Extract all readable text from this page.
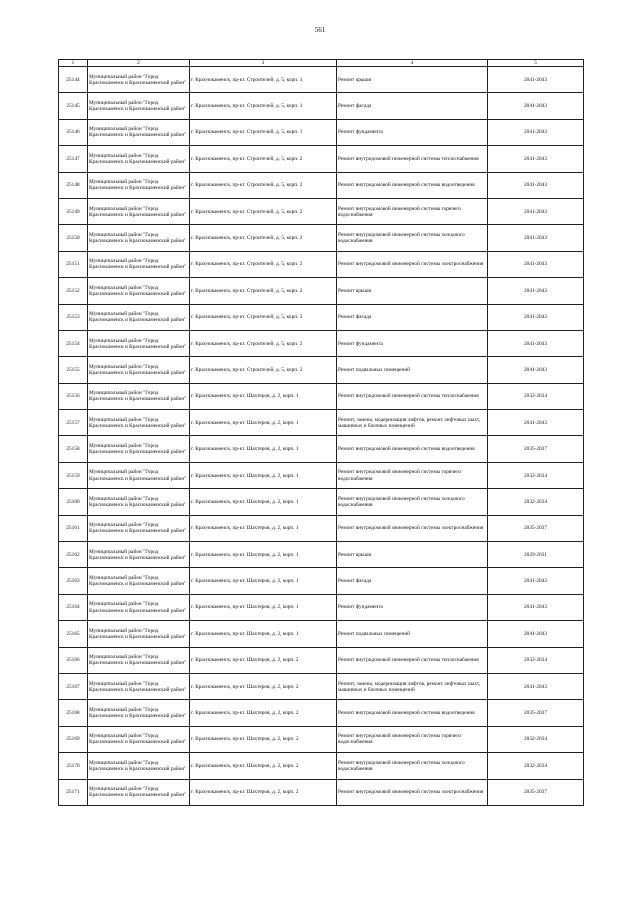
561
1	2	3	4	5
25144	Муниципальный район "Город Краснокаменск и Краснокаменский район"	г. Краснокаменск, пр-кт. Строителей, д. 5, корп. 1	Ремонт крыши	2041-2043
25145	Муниципальный район "Город Краснокаменск и Краснокаменский район"	г. Краснокаменск, пр-кт. Строителей, д. 5, корп. 1	Ремонт фасада	2041-2043
25146	Муниципальный район "Город Краснокаменск и Краснокаменский район"	г. Краснокаменск, пр-кт. Строителей, д. 5, корп. 1	Ремонт фундамента	2041-2043
25147	Муниципальный район "Город Краснокаменск и Краснокаменский район"	г. Краснокаменск, пр-кт. Строителей, д. 5, корп. 2	Ремонт внутридомовой инженерной системы теплоснабжения	2041-2043
25148	Муниципальный район "Город Краснокаменск и Краснокаменский район"	г. Краснокаменск, пр-кт. Строителей, д. 5, корп. 2	Ремонт внутридомовой инженерной системы водоотведения	2041-2043
25149	Муниципальный район "Город Краснокаменск и Краснокаменский район"	г. Краснокаменск, пр-кт. Строителей, д. 5, корп. 2	Ремонт внутридомовой инженерной системы горячего водоснабжения	2041-2043
25150	Муниципальный район "Город Краснокаменск и Краснокаменский район"	г. Краснокаменск, пр-кт. Строителей, д. 5, корп. 2	Ремонт внутридомовой инженерной системы холодного водоснабжения	2041-2043
25151	Муниципальный район "Город Краснокаменск и Краснокаменский район"	г. Краснокаменск, пр-кт. Строителей, д. 5, корп. 2	Ремонт внутридомовой инженерной системы электроснабжения	2041-2043
25152	Муниципальный район "Город Краснокаменск и Краснокаменский район"	г. Краснокаменск, пр-кт. Строителей, д. 5, корп. 2	Ремонт крыши	2041-2043
25153	Муниципальный район "Город Краснокаменск и Краснокаменский район"	г. Краснокаменск, пр-кт. Строителей, д. 5, корп. 2	Ремонт фасада	2041-2043
25154	Муниципальный район "Город Краснокаменск и Краснокаменский район"	г. Краснокаменск, пр-кт. Строителей, д. 5, корп. 2	Ремонт фундамента	2041-2043
25155	Муниципальный район "Город Краснокаменск и Краснокаменский район"	г. Краснокаменск, пр-кт. Строителей, д. 5, корп. 2	Ремонт подвальных помещений	2041-2043
25156	Муниципальный район "Город Краснокаменск и Краснокаменский район"	г. Краснокаменск, пр-кт. Шахтеров, д. 2, корп. 1	Ремонт внутридомовой инженерной системы теплоснабжения	2032-2034
25157	Муниципальный район "Город Краснокаменск и Краснокаменский район"	г. Краснокаменск, пр-кт. Шахтеров, д. 2, корп. 1	Ремонт, замена, модернизация лифтов, ремонт лифтовых шахт, машинных и блочных помещений	2041-2043
25158	Муниципальный район "Город Краснокаменск и Краснокаменский район"	г. Краснокаменск, пр-кт. Шахтеров, д. 2, корп. 1	Ремонт внутридомовой инженерной системы водоотведения	2035-2037
25159	Муниципальный район "Город Краснокаменск и Краснокаменский район"	г. Краснокаменск, пр-кт. Шахтеров, д. 2, корп. 1	Ремонт внутридомовой инженерной системы горячего водоснабжения	2032-2034
25160	Муниципальный район "Город Краснокаменск и Краснокаменский район"	г. Краснокаменск, пр-кт. Шахтеров, д. 2, корп. 1	Ремонт внутридомовой инженерной системы холодного водоснабжения	2032-2034
25161	Муниципальный район "Город Краснокаменск и Краснокаменский район"	г. Краснокаменск, пр-кт. Шахтеров, д. 2, корп. 1	Ремонт внутридомовой инженерной системы электроснабжения	2035-2037
25162	Муниципальный район "Город Краснокаменск и Краснокаменский район"	г. Краснокаменск, пр-кт. Шахтеров, д. 2, корп. 1	Ремонт крыши	2029-2031
25163	Муниципальный район "Город Краснокаменск и Краснокаменский район"	г. Краснокаменск, пр-кт. Шахтеров, д. 2, корп. 1	Ремонт фасада	2041-2043
25164	Муниципальный район "Город Краснокаменск и Краснокаменский район"	г. Краснокаменск, пр-кт. Шахтеров, д. 2, корп. 1	Ремонт фундамента	2041-2043
25165	Муниципальный район "Город Краснокаменск и Краснокаменский район"	г. Краснокаменск, пр-кт. Шахтеров, д. 2, корп. 1	Ремонт подвальных помещений	2041-2043
25166	Муниципальный район "Город Краснокаменск и Краснокаменский район"	г. Краснокаменск, пр-кт. Шахтеров, д. 2, корп. 2	Ремонт внутридомовой инженерной системы теплоснабжения	2032-2034
25167	Муниципальный район "Город Краснокаменск и Краснокаменский район"	г. Краснокаменск, пр-кт. Шахтеров, д. 2, корп. 2	Ремонт, замена, модернизация лифтов, ремонт лифтовых шахт, машинных и блочных помещений	2041-2043
25168	Муниципальный район "Город Краснокаменск и Краснокаменский район"	г. Краснокаменск, пр-кт. Шахтеров, д. 2, корп. 2	Ремонт внутридомовой инженерной системы водоотведения	2035-2037
25169	Муниципальный район "Город Краснокаменск и Краснокаменский район"	г. Краснокаменск, пр-кт. Шахтеров, д. 2, корп. 2	Ремонт внутридомовой инженерной системы горячего водоснабжения	2032-2034
25170	Муниципальный район "Город Краснокаменск и Краснокаменский район"	г. Краснокаменск, пр-кт. Шахтеров, д. 2, корп. 2	Ремонт внутридомовой инженерной системы холодного водоснабжения	2032-2034
25171	Муниципальный район "Город Краснокаменск и Краснокаменский район"	г. Краснокаменск, пр-кт. Шахтеров, д. 2, корп. 2	Ремонт внутридомовой инженерной системы электроснабжения	2035-2037
